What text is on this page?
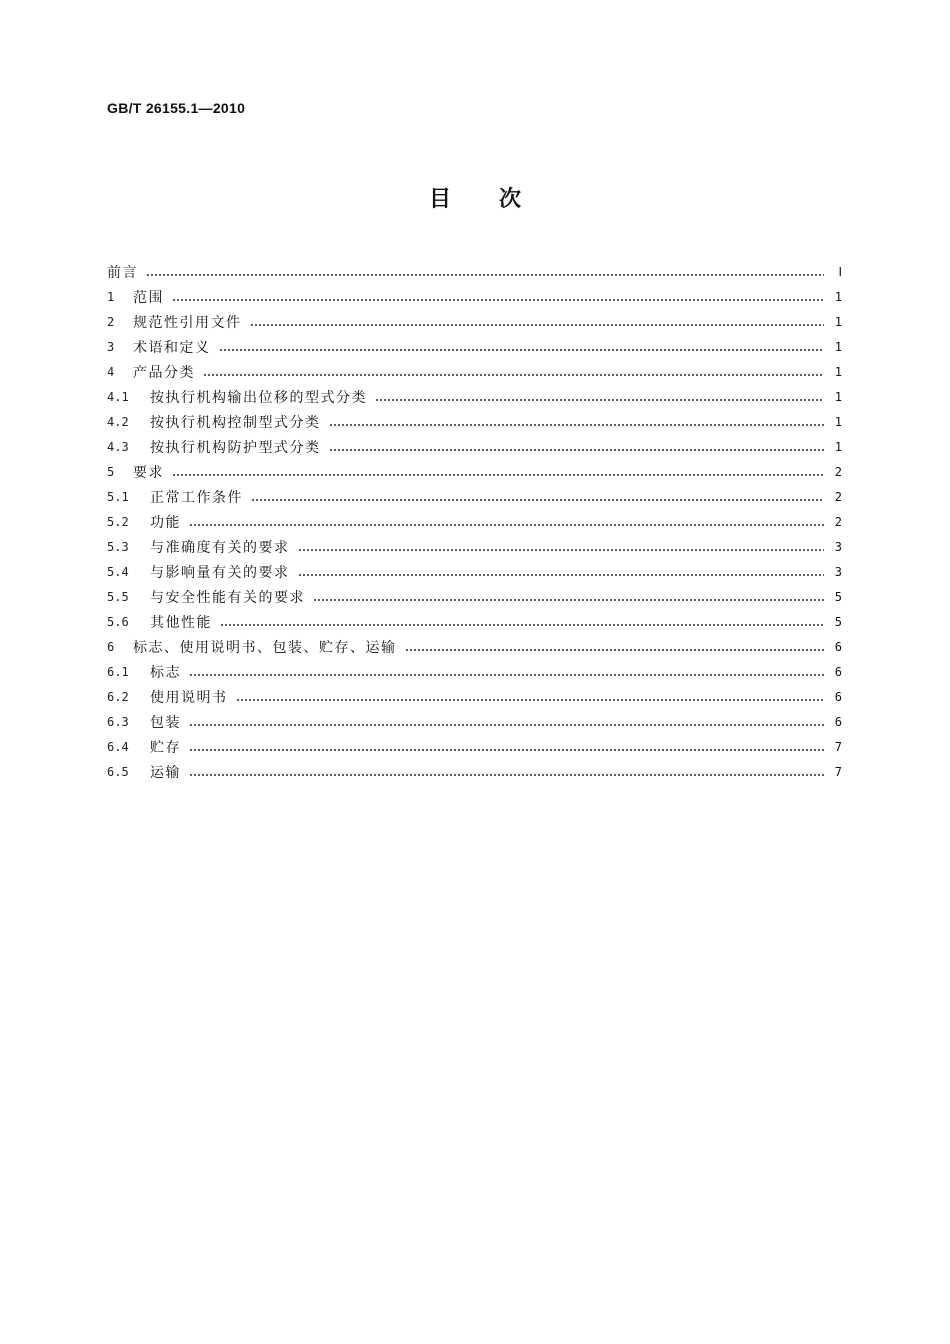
GB/T 26155.1—2010
目 次
前言	Ⅰ
1	范围	1
2	规范性引用文件	1
3	术语和定义	1
4	产品分类	1
4.1	按执行机构输出位移的型式分类	1
4.2	按执行机构控制型式分类	1
4.3	按执行机构防护型式分类	1
5	要求	2
5.1	正常工作条件	2
5.2	功能	2
5.3	与准确度有关的要求	3
5.4	与影响量有关的要求	3
5.5	与安全性能有关的要求	5
5.6	其他性能	5
6	标志、使用说明书、包装、贮存、运输	6
6.1	标志	6
6.2	使用说明书	6
6.3	包装	6
6.4	贮存	7
6.5	运输	7
